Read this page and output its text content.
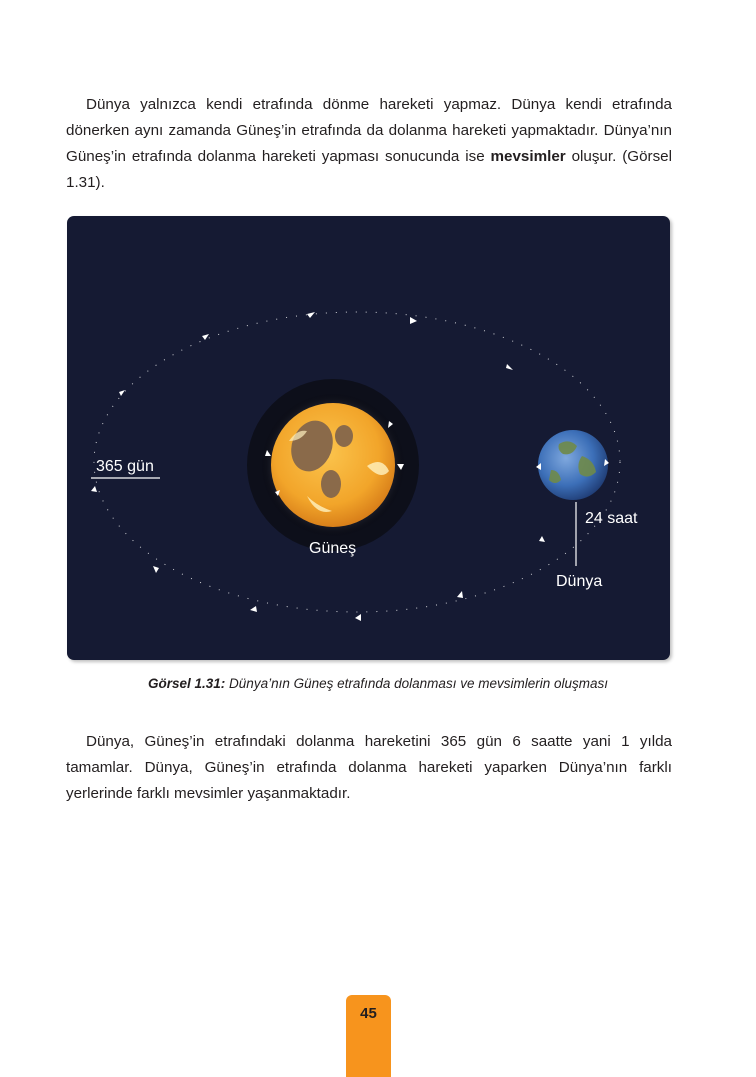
Dünya yalnızca kendi etrafında dönme hareketi yapmaz. Dünya kendi etrafında dönerken aynı zamanda Güneş’in etrafında da dolanma hareketi yapmaktadır. Dünya’nın Güneş’in etrafında dolanma hareketi yapması sonucunda ise mevsimler oluşur. (Görsel 1.31).

365 gün
Güneş
24 saat
Dünya
Görsel 1.31: Dünya’nın Güneş etrafında dolanması ve mevsimlerin oluşması

Dünya, Güneş’in etrafındaki dolanma hareketini 365 gün 6 saatte yani 1 yılda tamamlar. Dünya, Güneş’in etrafında dolanma hareketi yaparken Dünya’nın farklı yerlerinde farklı mevsimler yaşanmaktadır.

45
